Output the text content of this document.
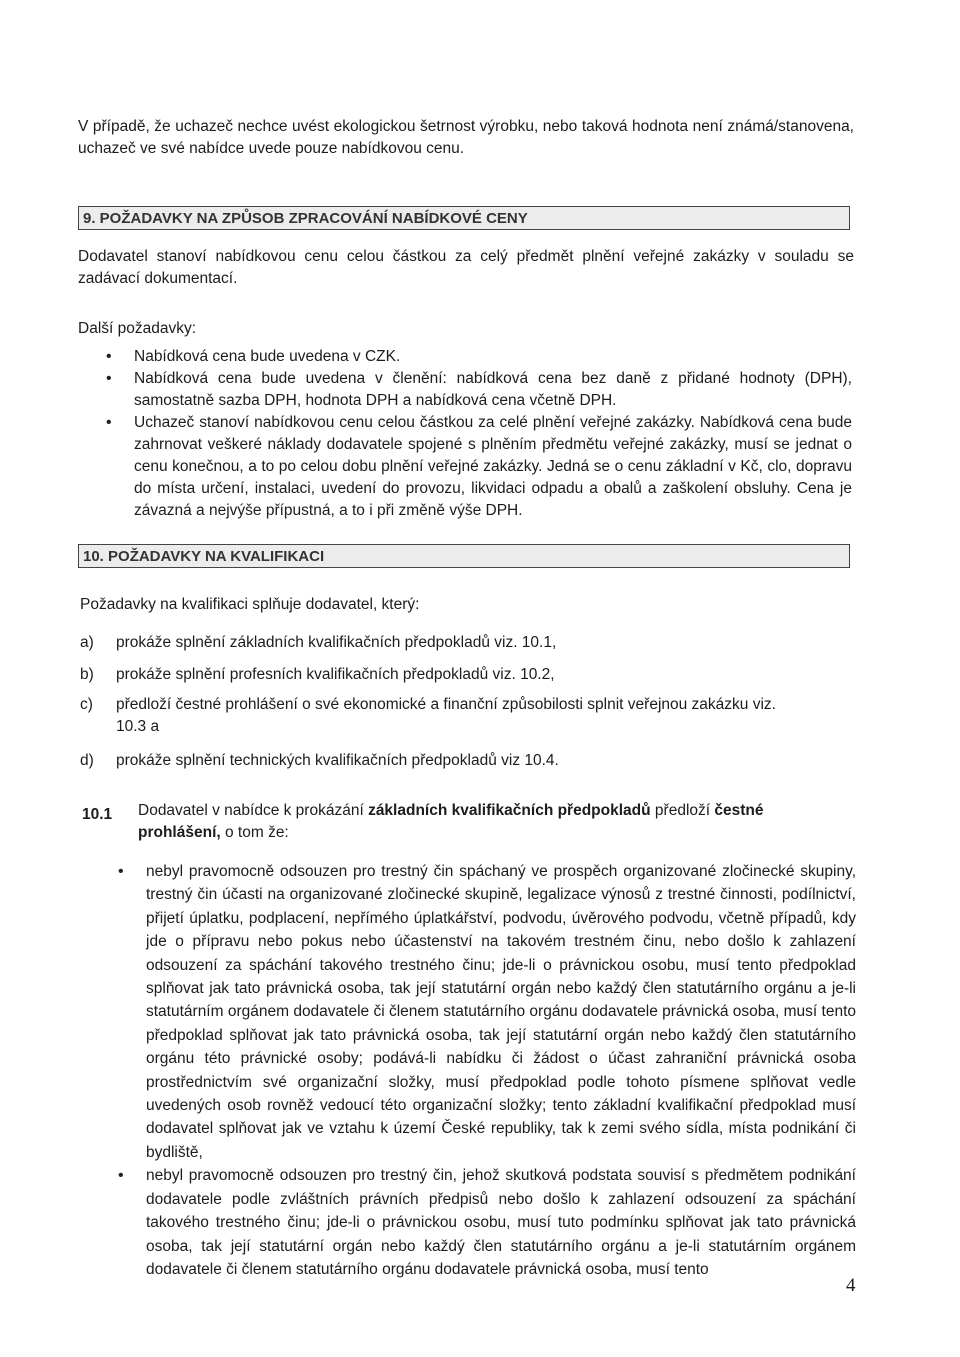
V případě, že uchazeč nechce uvést ekologickou šetrnost výrobku, nebo taková hodnota není známá/stanovena, uchazeč ve své nabídce uvede pouze nabídkovou cenu.
9. POŽADAVKY NA ZPŮSOB ZPRACOVÁNÍ NABÍDKOVÉ CENY
Dodavatel stanoví nabídkovou cenu celou částkou za celý předmět plnění veřejné zakázky v souladu se zadávací dokumentací.
Další požadavky:
• Nabídková cena bude uvedena v CZK.
• Nabídková cena bude uvedena v členění: nabídková cena bez daně z přidané hodnoty (DPH), samostatně sazba DPH, hodnota DPH a nabídková cena včetně DPH.
• Uchazeč stanoví nabídkovou cenu celou částkou za celé plnění veřejné zakázky. Nabídková cena bude zahrnovat veškeré náklady dodavatele spojené s plněním předmětu veřejné zakázky, musí se jednat o cenu konečnou, a to po celou dobu plnění veřejné zakázky. Jedná se o cenu základní v Kč, clo, dopravu do místa určení, instalaci, uvedení do provozu, likvidaci odpadu a obalů a zaškolení obsluhy. Cena je závazná a nejvýše přípustná, a to i při změně výše DPH.
10. POŽADAVKY NA KVALIFIKACI
Požadavky na kvalifikaci splňuje dodavatel, který:
a) prokáže splnění základních kvalifikačních předpokladů viz. 10.1,
b) prokáže splnění profesních kvalifikačních předpokladů viz. 10.2,
c) předloží čestné prohlášení o své ekonomické a finanční způsobilosti splnit veřejnou zakázku viz. 10.3 a
d) prokáže splnění technických kvalifikačních předpokladů viz 10.4.
10.1 Dodavatel v nabídce k prokázání základních kvalifikačních předpokladů předloží čestné prohlášení, o tom že:
• nebyl pravomocně odsouzen pro trestný čin spáchaný ve prospěch organizované zločinecké skupiny, trestný čin účasti na organizované zločinecké skupině, legalizace výnosů z trestné činnosti, podílnictví, přijetí úplatku, podplacení, nepřímého úplatkářství, podvodu, úvěrového podvodu, včetně případů, kdy jde o přípravu nebo pokus nebo účastenství na takovém trestném činu, nebo došlo k zahlazení odsouzení za spáchání takového trestného činu; jde-li o právnickou osobu, musí tento předpoklad splňovat jak tato právnická osoba, tak její statutární orgán nebo každý člen statutárního orgánu a je-li statutárním orgánem dodavatele či členem statutárního orgánu dodavatele právnická osoba, musí tento předpoklad splňovat jak tato právnická osoba, tak její statutární orgán nebo každý člen statutárního orgánu této právnické osoby; podává-li nabídku či žádost o účast zahraniční právnická osoba prostřednictvím své organizační složky, musí předpoklad podle tohoto písmene splňovat vedle uvedených osob rovněž vedoucí této organizační složky; tento základní kvalifikační předpoklad musí dodavatel splňovat jak ve vztahu k území České republiky, tak k zemi svého sídla, místa podnikání či bydliště,
• nebyl pravomocně odsouzen pro trestný čin, jehož skutková podstata souvisí s předmětem podnikání dodavatele podle zvláštních právních předpisů nebo došlo k zahlazení odsouzení za spáchání takového trestného činu; jde-li o právnickou osobu, musí tuto podmínku splňovat jak tato právnická osoba, tak její statutární orgán nebo každý člen statutárního orgánu a je-li statutárním orgánem dodavatele či členem statutárního orgánu dodavatele právnická osoba, musí tento
4
